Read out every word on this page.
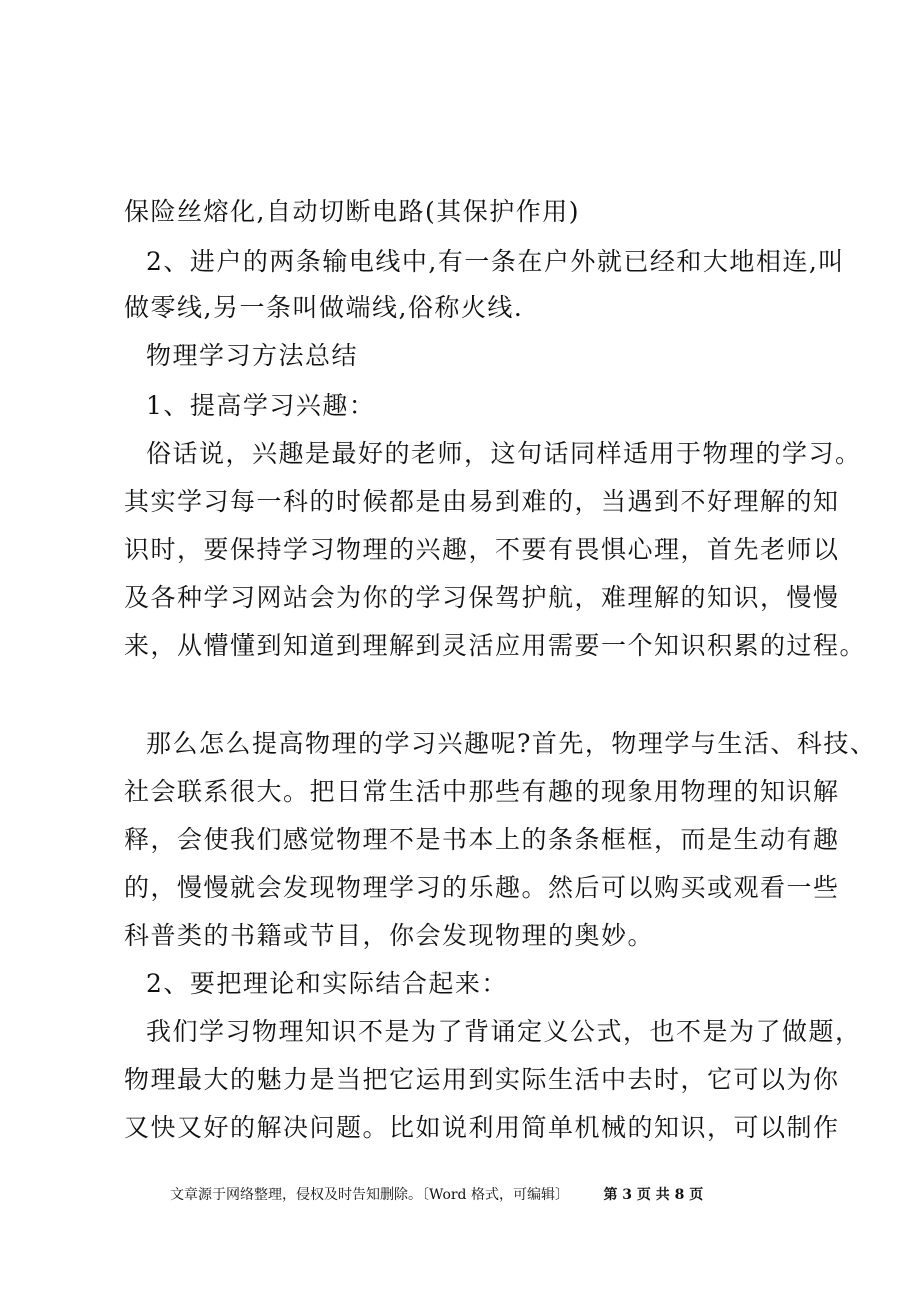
保险丝熔化,自动切断电路(其保护作用)

2、进户的两条输电线中,有一条在户外就已经和大地相连,叫

做零线,另一条叫做端线,俗称火线.

物理学习方法总结

1、提高学习兴趣：

俗话说，兴趣是最好的老师，这句话同样适用于物理的学习。

其实学习每一科的时候都是由易到难的，当遇到不好理解的知

识时，要保持学习物理的兴趣，不要有畏惧心理，首先老师以

及各种学习网站会为你的学习保驾护航，难理解的知识，慢慢

来，从懵懂到知道到理解到灵活应用需要一个知识积累的过程。

那么怎么提高物理的学习兴趣呢?首先，物理学与生活、科技、

社会联系很大。把日常生活中那些有趣的现象用物理的知识解

释，会使我们感觉物理不是书本上的条条框框，而是生动有趣

的，慢慢就会发现物理学习的乐趣。然后可以购买或观看一些

科普类的书籍或节目，你会发现物理的奥妙。

2、要把理论和实际结合起来：

我们学习物理知识不是为了背诵定义公式，也不是为了做题，

物理最大的魅力是当把它运用到实际生活中去时，它可以为你

又快又好的解决问题。比如说利用简单机械的知识，可以制作

文章源于网络整理，侵权及时告知删除。〔Word 格式，可编辑〕 第 3 页 共 8 页
